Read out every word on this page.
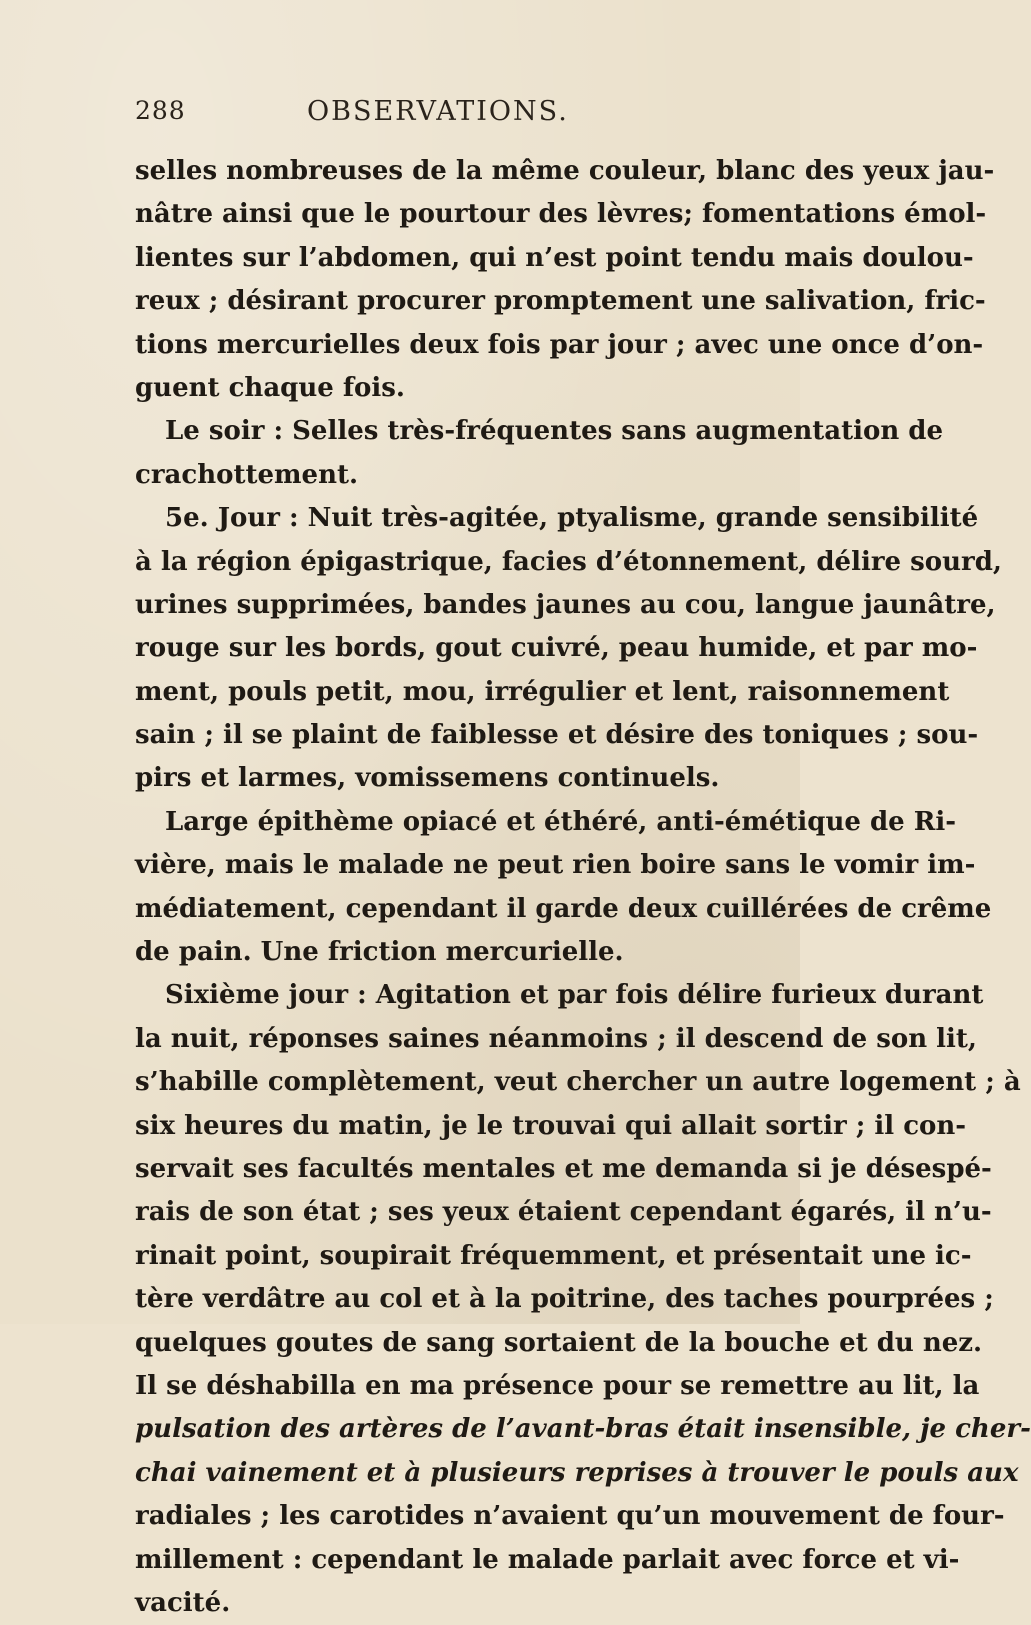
288	OBSERVATIONS.
selles nombreuses de la même couleur, blanc des yeux jau-
nâtre ainsi que le pourtour des lèvres; fomentations émol-
lientes sur l’abdomen, qui n’est point tendu mais doulou-
reux ; désirant procurer promptement une salivation, fric-
tions mercurielles deux fois par jour ; avec une once d’on-
guent chaque fois.
Le soir : Selles très-fréquentes sans augmentation de
crachottement.
5e. Jour : Nuit très-agitée, ptyalisme, grande sensibilité
à la région épigastrique, facies d’étonnement, délire sourd,
urines supprimées, bandes jaunes au cou, langue jaunâtre,
rouge sur les bords, gout cuivré, peau humide, et par mo-
ment, pouls petit, mou, irrégulier et lent, raisonnement
sain ; il se plaint de faiblesse et désire des toniques ; sou-
pirs et larmes, vomissemens continuels.
Large épithème opiacé et éthéré, anti-émétique de Ri-
vière, mais le malade ne peut rien boire sans le vomir im-
médiatement, cependant il garde deux cuillérées de crême
de pain. Une friction mercurielle.
Sixième jour : Agitation et par fois délire furieux durant
la nuit, réponses saines néanmoins ; il descend de son lit,
s’habille complètement, veut chercher un autre logement ; à
six heures du matin, je le trouvai qui allait sortir ; il con-
servait ses facultés mentales et me demanda si je désespé-
rais de son état ; ses yeux étaient cependant égarés, il n’u-
rinait point, soupirait fréquemment, et présentait une ic-
tère verdâtre au col et à la poitrine, des taches pourprées ;
quelques goutes de sang sortaient de la bouche et du nez.
Il se déshabilla en ma présence pour se remettre au lit, la
pulsation des artères de l’avant-bras était insensible, je cher-
chai vainement et à plusieurs reprises à trouver le pouls aux
radiales ; les carotides n’avaient qu’un mouvement de four-
millement : cependant le malade parlait avec force et vi-
vacité.
